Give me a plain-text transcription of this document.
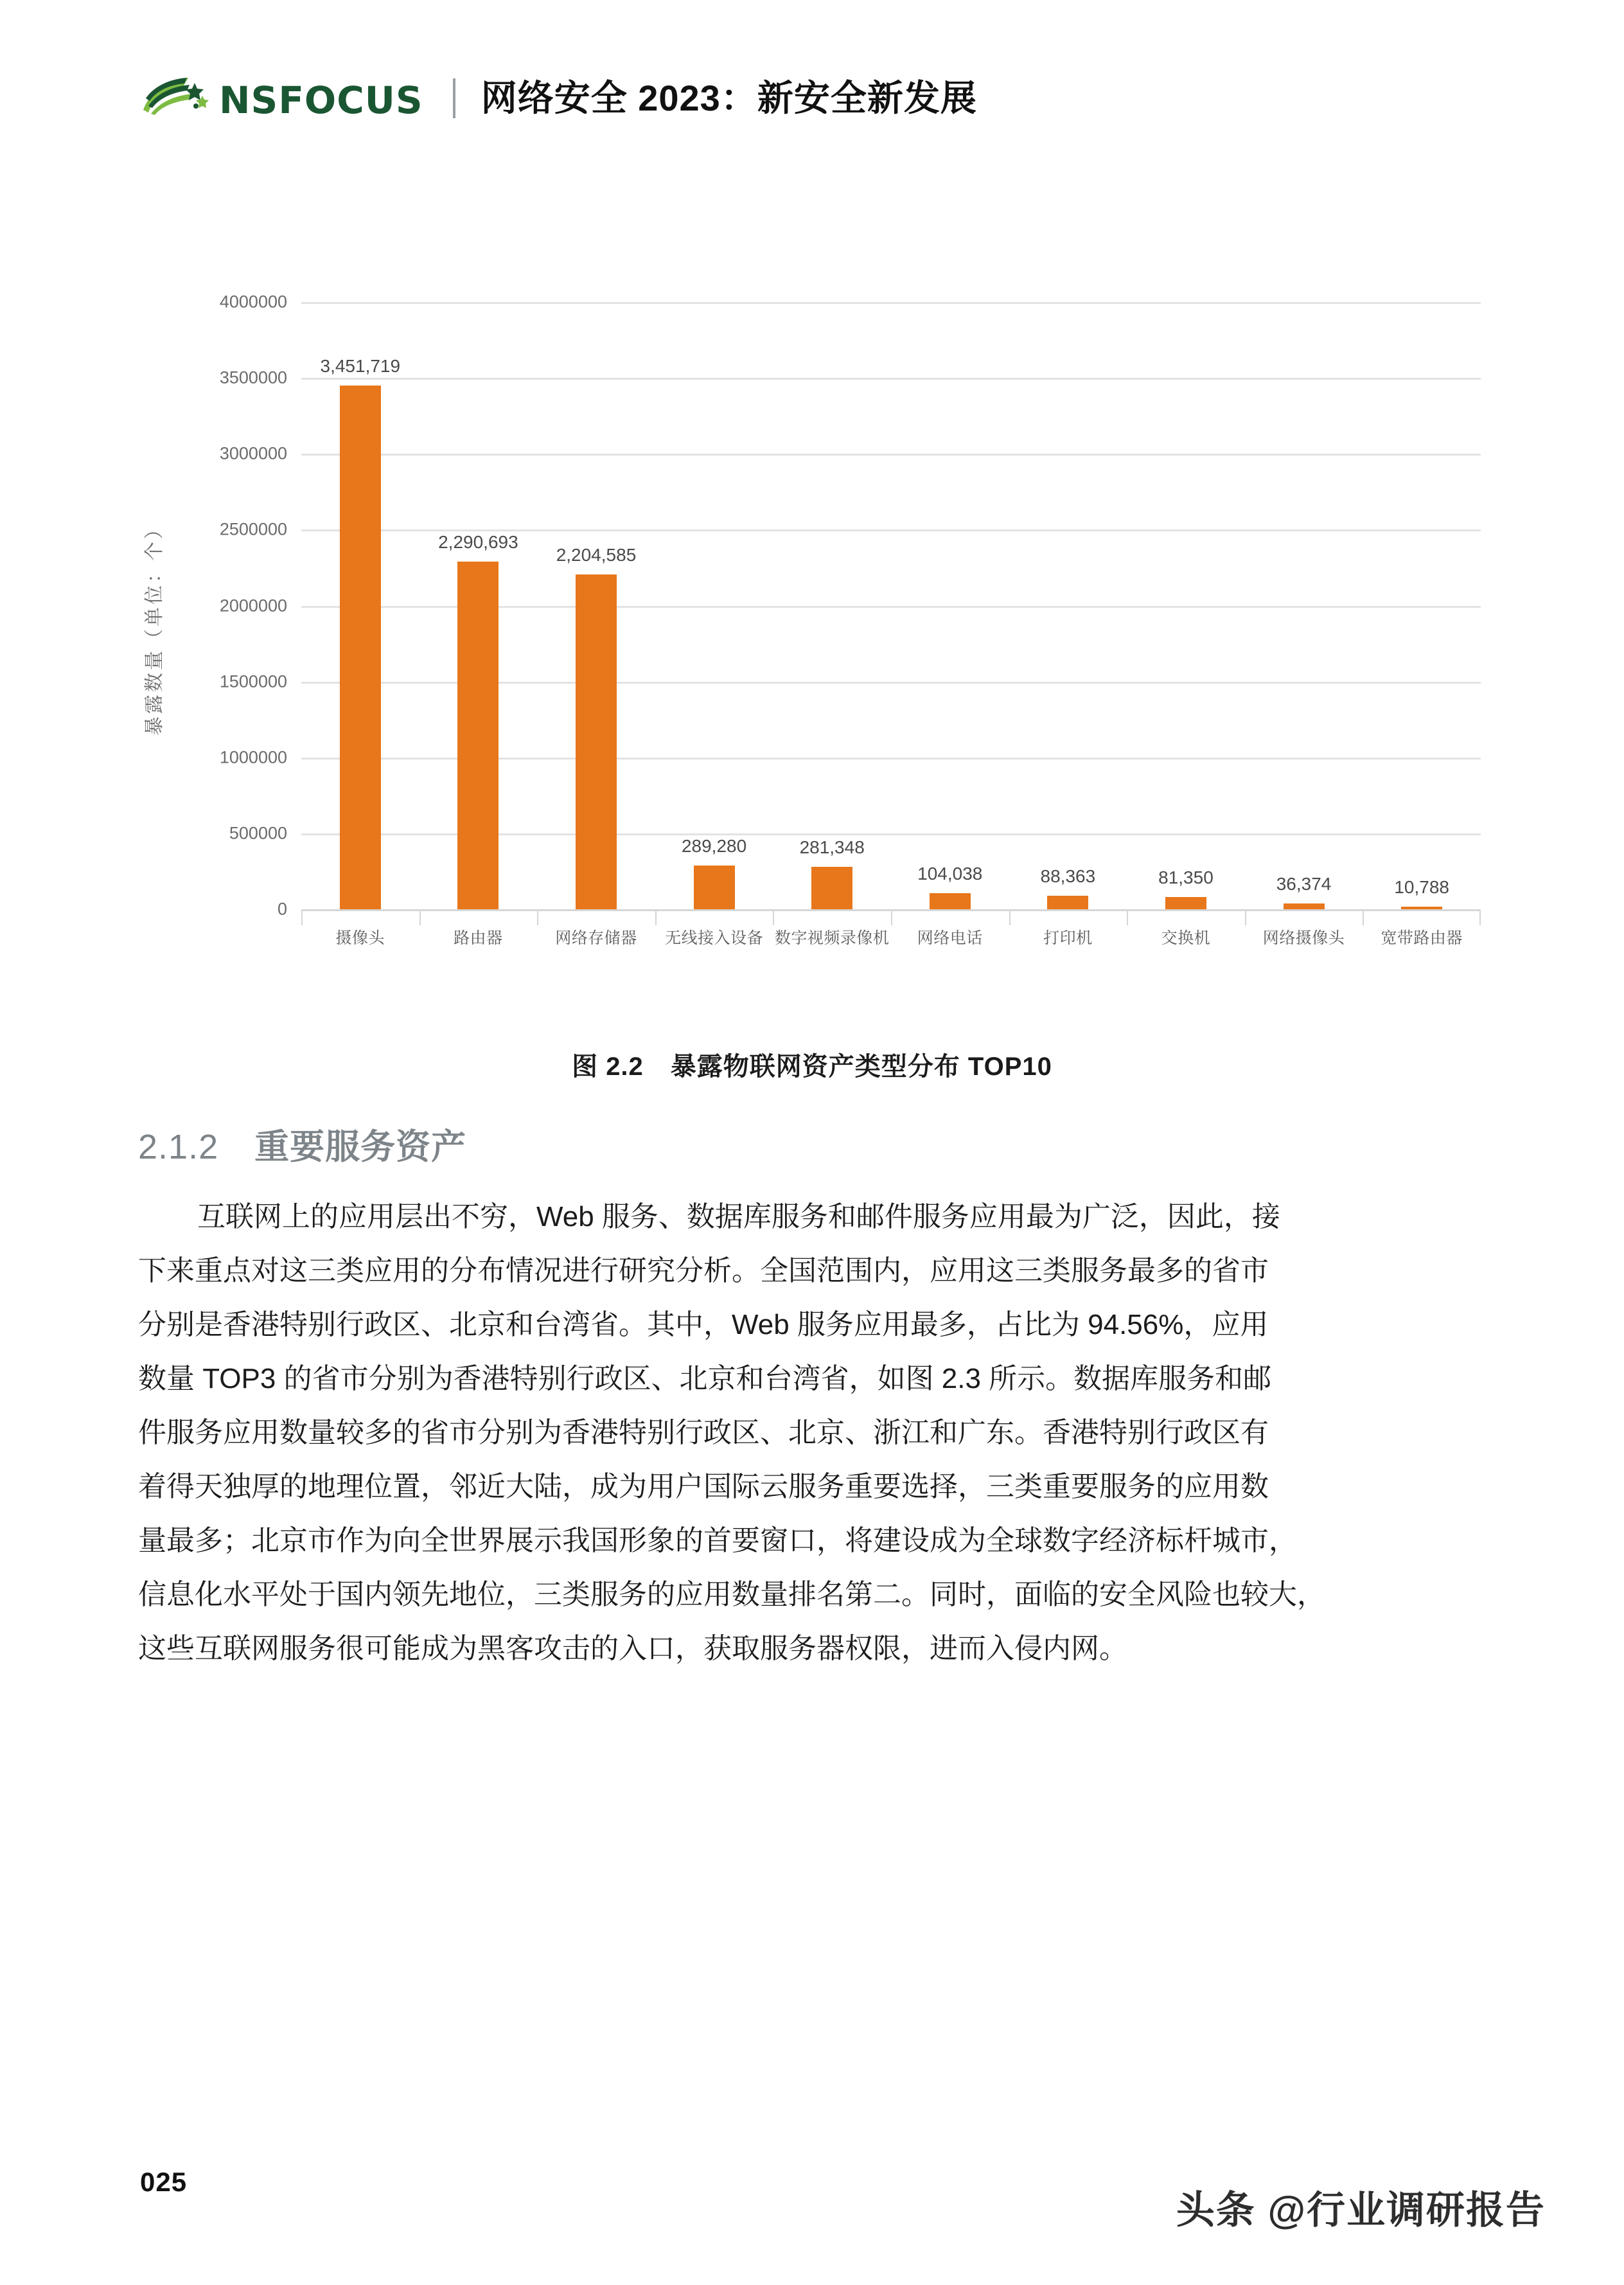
NSFOCUS 网络安全 2023：新安全新发展
暴露数量（单位：个）
0
500000
1000000
1500000
2000000
2500000
3000000
3500000
4000000
3,451,719
2,290,693
2,204,585
289,280	281,348
104,038	88,363	81,350	36,374	10,788
摄像头	路由器	网络存储器 无线接入设备 数字视频录像机 网络电话	打印机	交换机	网络摄像头 宽带路由器
图 2.2 暴露物联网资产类型分布 TOP10
2.1.2 重要服务资产
互联网上的应用层出不穷，Web 服务、数据库服务和邮件服务应用最为广泛，因此，接
下来重点对这三类应用的分布情况进行研究分析。全国范围内，应用这三类服务最多的省市
分别是香港特别行政区、北京和台湾省。其中，Web 服务应用最多，占比为 94.56%，应用
数量 TOP3 的省市分别为香港特别行政区、北京和台湾省，如图 2.3 所示。数据库服务和邮
件服务应用数量较多的省市分别为香港特别行政区、北京、浙江和广东。香港特别行政区有
着得天独厚的地理位置，邻近大陆，成为用户国际云服务重要选择，三类重要服务的应用数
量最多；北京市作为向全世界展示我国形象的首要窗口，将建设成为全球数字经济标杆城市，
信息化水平处于国内领先地位，三类服务的应用数量排名第二。同时，面临的安全风险也较大，
这些互联网服务很可能成为黑客攻击的入口，获取服务器权限，进而入侵内网。
025
头条 @行业调研报告
